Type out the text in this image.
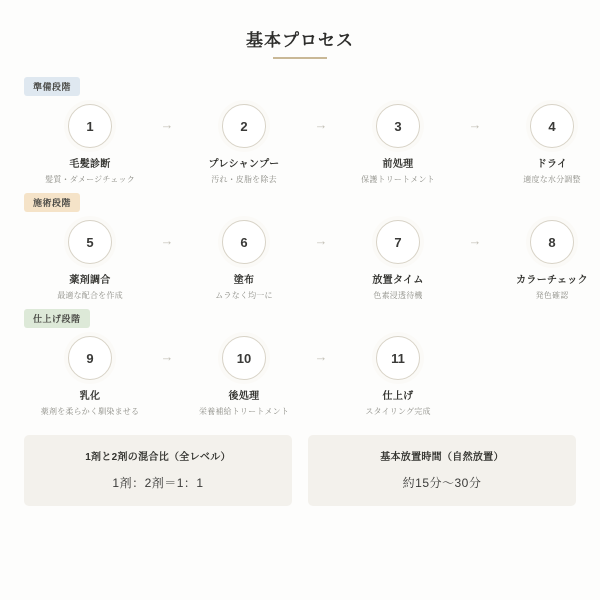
基本プロセス
準備段階
1
毛髪診断
髪質・ダメージチェック
→	2
プレシャンプー
汚れ・皮脂を除去
→	3
前処理
保護トリートメント
→	4
ドライ
適度な水分調整
施術段階
5
薬剤調合
最適な配合を作成
→	6
塗布
ムラなく均一に
→	7
放置タイム
色素浸透待機
→	8
カラーチェック
発色確認
仕上げ段階
9
乳化
薬剤を柔らかく馴染ませる
→	10
後処理
栄養補給トリートメント
→	11
仕上げ
スタイリング完成
1剤と2剤の混合比（全レベル）
1剤：2剤＝1：1
基本放置時間（自然放置）
約15分〜30分
